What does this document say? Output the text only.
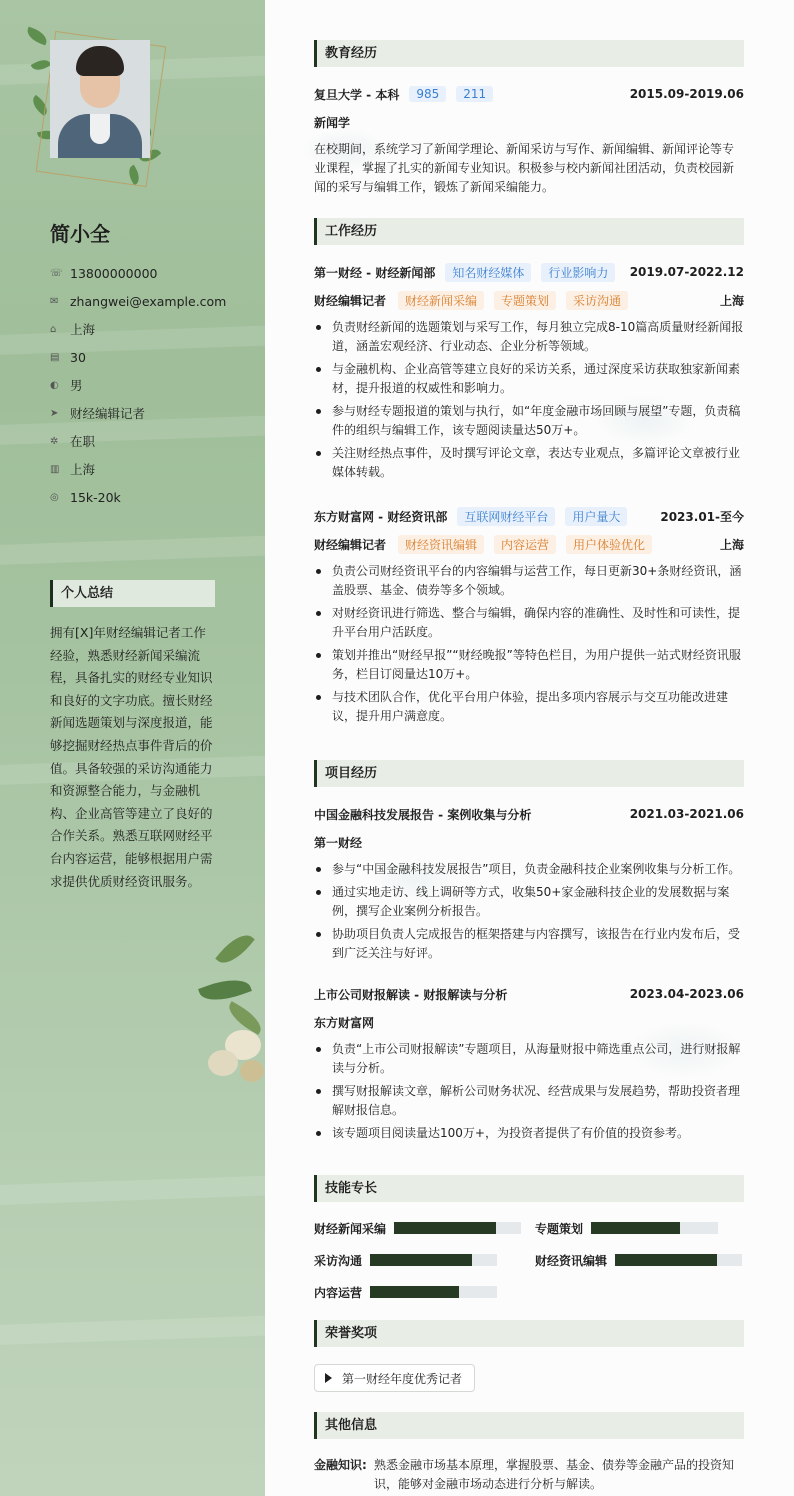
简小全
☏ 13800000000
✉ zhangwei@example.com
⌂	上海
▤ 30
◐ 男
➤ 财经编辑记者
✲ 在职
▥ 上海
◎ 15k-20k
个人总结
拥有[X]年财经编辑记者工作经验，熟悉财经新闻采编流程，具备扎实的财经专业知识和良好的文字功底。擅长财经新闻选题策划与深度报道，能够挖掘财经热点事件背后的价值。具备较强的采访沟通能力和资源整合能力，与金融机构、企业高管等建立了良好的合作关系。熟悉互联网财经平台内容运营，能够根据用户需求提供优质财经资讯服务。
教育经历
复旦大学 - 本科	985	211	2015.09-2019.06
新闻学
在校期间，系统学习了新闻学理论、新闻采访与写作、新闻编辑、新闻评论等专业课程，掌握了扎实的新闻专业知识。积极参与校内新闻社团活动，负责校园新闻的采写与编辑工作，锻炼了新闻采编能力。
工作经历
第一财经 - 财经新闻部	知名财经媒体	行业影响力	2019.07-2022.12
财经编辑记者	财经新闻采编	专题策划	采访沟通	上海
负责财经新闻的选题策划与采写工作，每月独立完成8-10篇高质量财经新闻报道，涵盖宏观经济、行业动态、企业分析等领域。
与金融机构、企业高管等建立良好的采访关系，通过深度采访获取独家新闻素材，提升报道的权威性和影响力。
参与财经专题报道的策划与执行，如“年度金融市场回顾与展望”专题，负责稿件的组织与编辑工作，该专题阅读量达50万+。
关注财经热点事件，及时撰写评论文章，表达专业观点，多篇评论文章被行业媒体转载。
东方财富网 - 财经资讯部	互联网财经平台	用户量大	2023.01-至今
财经编辑记者	财经资讯编辑	内容运营	用户体验优化	上海
负责公司财经资讯平台的内容编辑与运营工作，每日更新30+条财经资讯，涵盖股票、基金、债券等多个领域。
对财经资讯进行筛选、整合与编辑，确保内容的准确性、及时性和可读性，提升平台用户活跃度。
策划并推出“财经早报”“财经晚报”等特色栏目，为用户提供一站式财经资讯服务，栏目订阅量达10万+。
与技术团队合作，优化平台用户体验，提出多项内容展示与交互功能改进建议，提升用户满意度。
项目经历
中国金融科技发展报告 - 案例收集与分析	2021.03-2021.06
第一财经
参与“中国金融科技发展报告”项目，负责金融科技企业案例收集与分析工作。
通过实地走访、线上调研等方式，收集50+家金融科技企业的发展数据与案例，撰写企业案例分析报告。
协助项目负责人完成报告的框架搭建与内容撰写，该报告在行业内发布后，受到广泛关注与好评。
上市公司财报解读 - 财报解读与分析	2023.04-2023.06
东方财富网
负责“上市公司财报解读”专题项目，从海量财报中筛选重点公司，进行财报解读与分析。
撰写财报解读文章，解析公司财务状况、经营成果与发展趋势，帮助投资者理解财报信息。
该专题项目阅读量达100万+，为投资者提供了有价值的投资参考。
技能专长
财经新闻采编	专题策划
采访沟通	财经资讯编辑
内容运营
荣誉奖项
第一财经年度优秀记者
其他信息
金融知识: 熟悉金融市场基本原理，掌握股票、基金、债券等金融产品的投资知识，能够对金融市场动态进行分析与解读。
